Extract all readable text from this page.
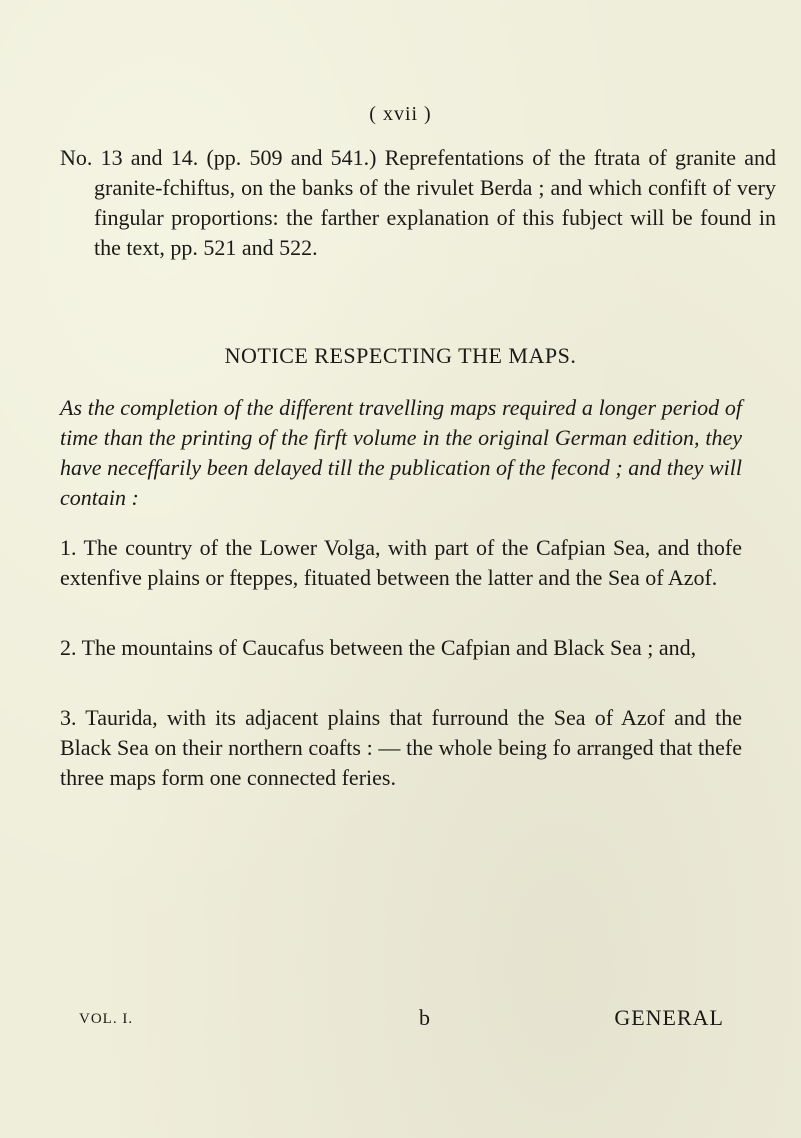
( xvii )
No. 13 and 14. (pp. 509 and 541.) Reprefentations of the ftrata of granite and granite-fchiftus, on the banks of the rivulet Berda ; and which confift of very fingular proportions: the farther explanation of this fubject will be found in the text, pp. 521 and 522.
NOTICE RESPECTING THE MAPS.
As the completion of the different travelling maps required a longer period of time than the printing of the firft volume in the original German edition, they have neceffarily been delayed till the publication of the fecond ; and they will contain :
1. The country of the Lower Volga, with part of the Cafpian Sea, and thofe extenfive plains or fteppes, fituated between the latter and the Sea of Azof.
2. The mountains of Caucafus between the Cafpian and Black Sea ; and,
3. Taurida, with its adjacent plains that furround the Sea of Azof and the Black Sea on their northern coafts : — the whole being fo arranged that thefe three maps form one connected feries.
VOL. I.	b	GENERAL
